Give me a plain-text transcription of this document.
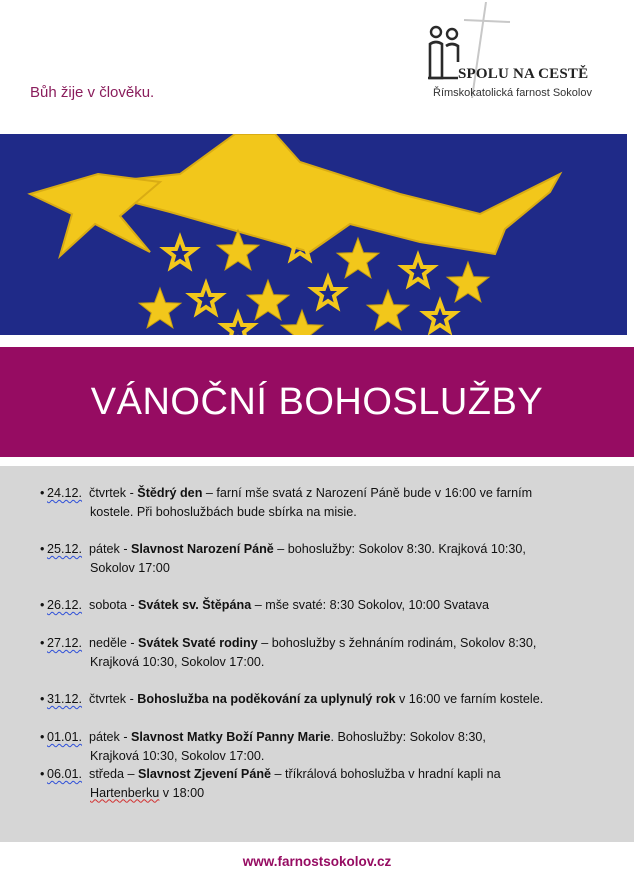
Bůh žije v člověku.
SPOLU NA CESTĚ
Římskokatolická farnost Sokolov
VÁNOČNÍ BOHOSLUŽBY
• 24.12. čtvrtek - Štědrý den – farní mše svatá z Narození Páně bude v 16:00 ve farním
kostele. Při bohoslužbách bude sbírka na misie.
• 25.12. pátek - Slavnost Narození Páně – bohoslužby: Sokolov 8:30. Krajková 10:30,
Sokolov 17:00
• 26.12. sobota - Svátek sv. Štěpána – mše svaté: 8:30 Sokolov, 10:00 Svatava
• 27.12. neděle - Svátek Svaté rodiny – bohoslužby s žehnáním rodinám, Sokolov 8:30,
Krajková 10:30, Sokolov 17:00.
• 31.12. čtvrtek - Bohoslužba na poděkování za uplynulý rok v 16:00 ve farním kostele.
• 01.01. pátek - Slavnost Matky Boží Panny Marie. Bohoslužby: Sokolov 8:30,
Krajková 10:30, Sokolov 17:00.
• 06.01. středa – Slavnost Zjevení Páně – tříkrálová bohoslužba v hradní kapli na
Hartenberku v 18:00
www.farnostsokolov.cz
